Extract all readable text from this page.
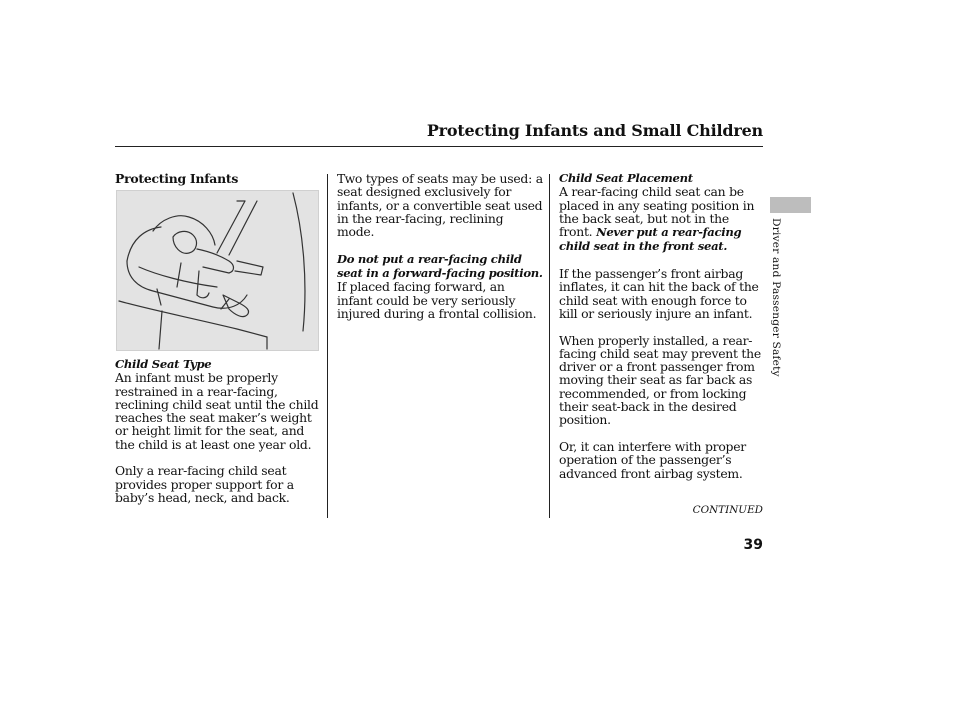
Protecting Infants and Small Children
Protecting Infants
Child Seat Type

An infant must be properly restrained in a rear-facing, reclining child seat until the child reaches the seat maker’s weight or height limit for the seat, and the child is at least one year old.

Only a rear-facing child seat provides proper support for a baby’s head, neck, and back.

Two types of seats may be used: a seat designed exclusively for infants, or a convertible seat used in the rear-facing, reclining mode.

Do not put a rear-facing child seat in a forward-facing position. If placed facing forward, an infant could be very seriously injured during a frontal collision.

Child Seat Placement

A rear-facing child seat can be placed in any seating position in the back seat, but not in the front. Never put a rear-facing child seat in the front seat.

If the passenger’s front airbag inflates, it can hit the back of the child seat with enough force to kill or seriously injure an infant.

When properly installed, a rear-facing child seat may prevent the driver or a front passenger from moving their seat as far back as recommended, or from locking their seat-back in the desired position.

Or, it can interfere with proper operation of the passenger’s advanced front airbag system.

CONTINUED
39
Driver and Passenger Safety
